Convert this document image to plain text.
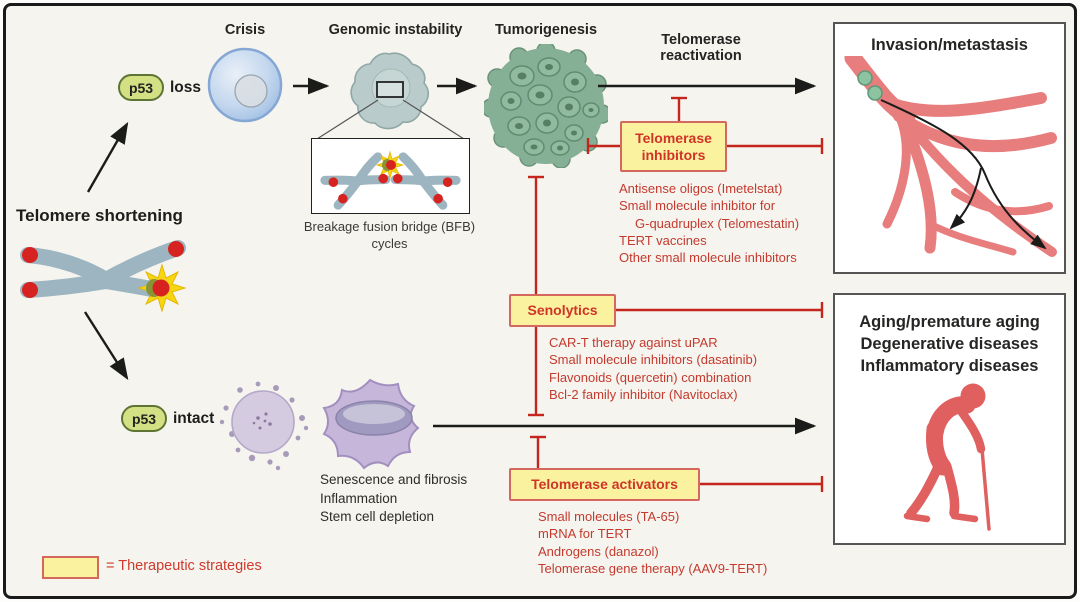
Crisis	Genomic instability	Tumorigenesis
Telomerase reactivation
Telomere shortening
p53	loss
p53	intact
Breakage fusion bridge (BFB) cycles
Senescence and fibrosis
Inflammation
Stem cell depletion
Telomerase inhibitors
Antisense oligos (Imetelstat)
Small molecule inhibitor for
G-quadruplex (Telomestatin)
TERT vaccines
Other small molecule inhibitors
Senolytics
CAR-T therapy against uPAR
Small molecule inhibitors (dasatinib)
Flavonoids (quercetin) combination
Bcl-2 family inhibitor (Navitoclax)
Telomerase activators
Small molecules (TA-65)
mRNA for TERT
Androgens (danazol)
Telomerase gene therapy (AAV9-TERT)
Invasion/metastasis
Aging/premature aging
Degenerative diseases
Inflammatory diseases
= Therapeutic strategies
